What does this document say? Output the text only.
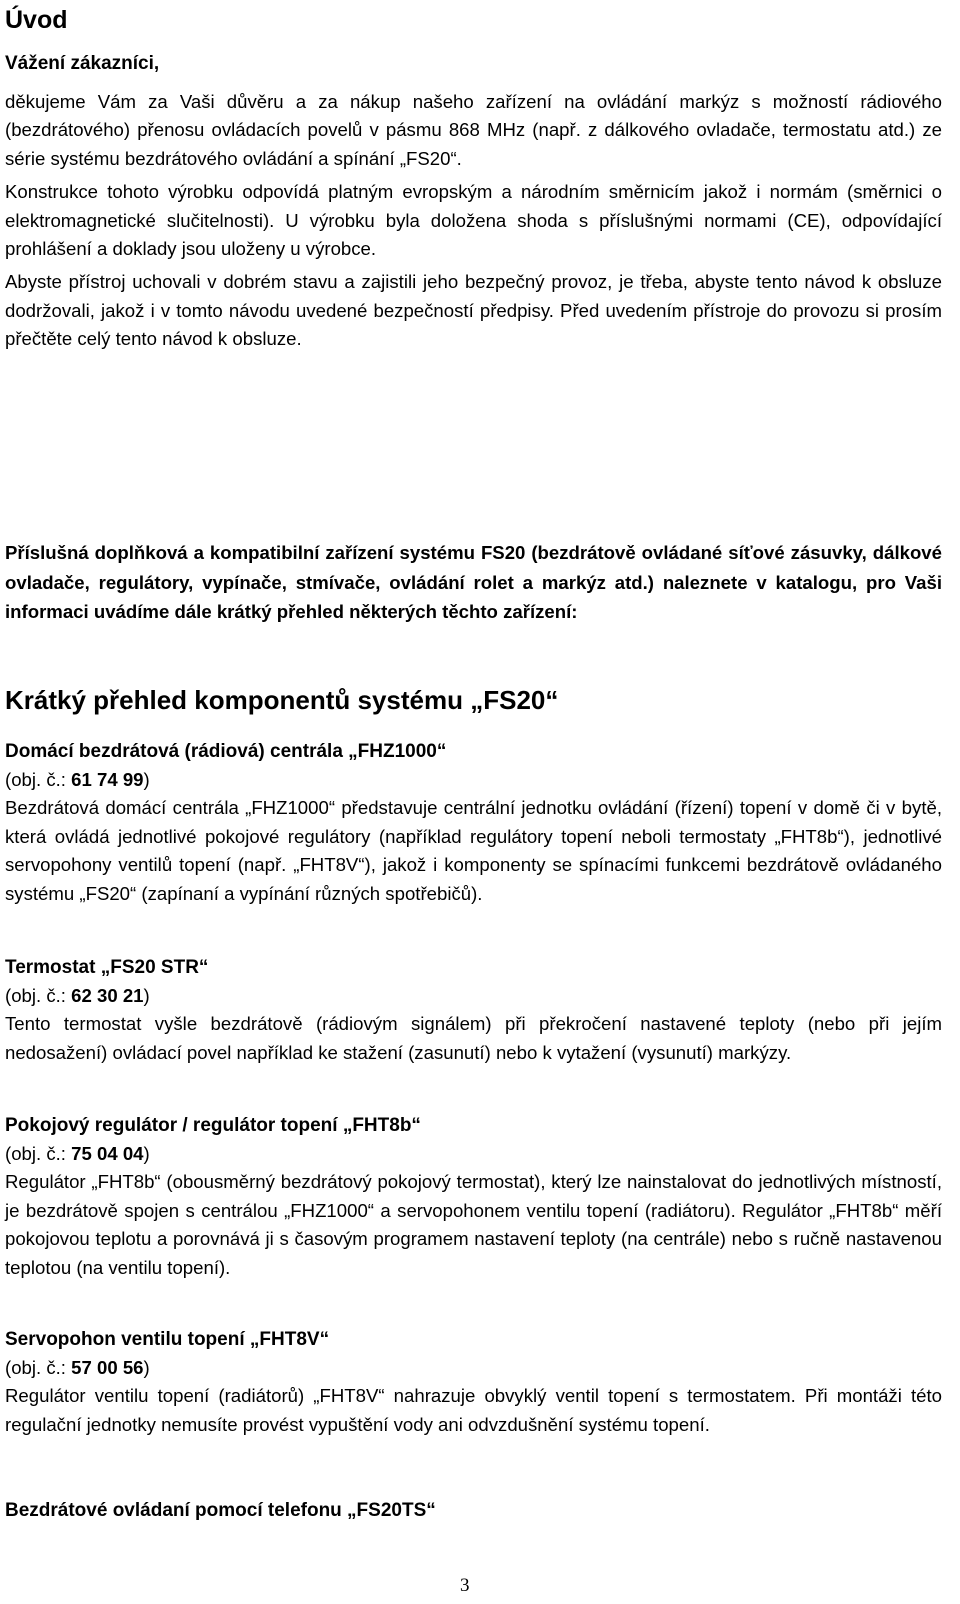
Úvod

Vážení zákazníci,

děkujeme Vám za Vaši důvěru a za nákup našeho zařízení na ovládání markýz s možností rádiového (bezdrátového) přenosu ovládacích povelů v pásmu 868 MHz (např. z dálkového ovladače, termostatu atd.) ze série systému bezdrátového ovládání a spínání „FS20“.

Konstrukce tohoto výrobku odpovídá platným evropským a národním směrnicím jakož i normám (směrnici o elektromagnetické slučitelnosti). U výrobku byla doložena shoda s příslušnými normami (CE), odpovídající prohlášení a doklady jsou uloženy u výrobce.

Abyste přístroj uchovali v dobrém stavu a zajistili jeho bezpečný provoz, je třeba, abyste tento návod k obsluze dodržovali, jakož i v tomto návodu uvedené bezpečností předpisy. Před uvedením přístroje do provozu si prosím přečtěte celý tento návod k obsluze.

Příslušná doplňková a kompatibilní zařízení systému FS20 (bezdrátově ovládané síťové zásuvky, dálkové ovladače, regulátory, vypínače, stmívače, ovládání rolet a markýz atd.) naleznete v katalogu, pro Vaši informaci uvádíme dále krátký přehled některých těchto zařízení:

Krátký přehled komponentů systému „FS20“

Domácí bezdrátová (rádiová) centrála „FHZ1000“

(obj. č.: 61 74 99)

Bezdrátová domácí centrála „FHZ1000“ představuje centrální jednotku ovládání (řízení) topení v domě či v bytě, která ovládá jednotlivé pokojové regulátory (například regulátory topení neboli termostaty „FHT8b“), jednotlivé servopohony ventilů topení (např. „FHT8V“), jakož i komponenty se spínacími funkcemi bezdrátově ovládaného systému „FS20“ (zapínaní a vypínání různých spotřebičů).

Termostat „FS20 STR“

(obj. č.: 62 30 21)

Tento termostat vyšle bezdrátově (rádiovým signálem) při překročení nastavené teploty (nebo při jejím nedosažení) ovládací povel například ke stažení (zasunutí) nebo k vytažení (vysunutí) markýzy.

Pokojový regulátor / regulátor topení „FHT8b“

(obj. č.: 75 04 04)

Regulátor „FHT8b“ (obousměrný bezdrátový pokojový termostat), který lze nainstalovat do jednotlivých místností, je bezdrátově spojen s centrálou „FHZ1000“ a servopohonem ventilu topení (radiátoru). Regulátor „FHT8b“ měří pokojovou teplotu a porovnává ji s časovým programem nastavení teploty (na centrále) nebo s ručně nastavenou teplotou (na ventilu topení).

Servopohon ventilu topení „FHT8V“

(obj. č.: 57 00 56)

Regulátor ventilu topení (radiátorů) „FHT8V“ nahrazuje obvyklý ventil topení s termostatem. Při montáži této regulační jednotky nemusíte provést vypuštění vody ani odvzdušnění systému topení.

Bezdrátové ovládaní pomocí telefonu „FS20TS“

3
